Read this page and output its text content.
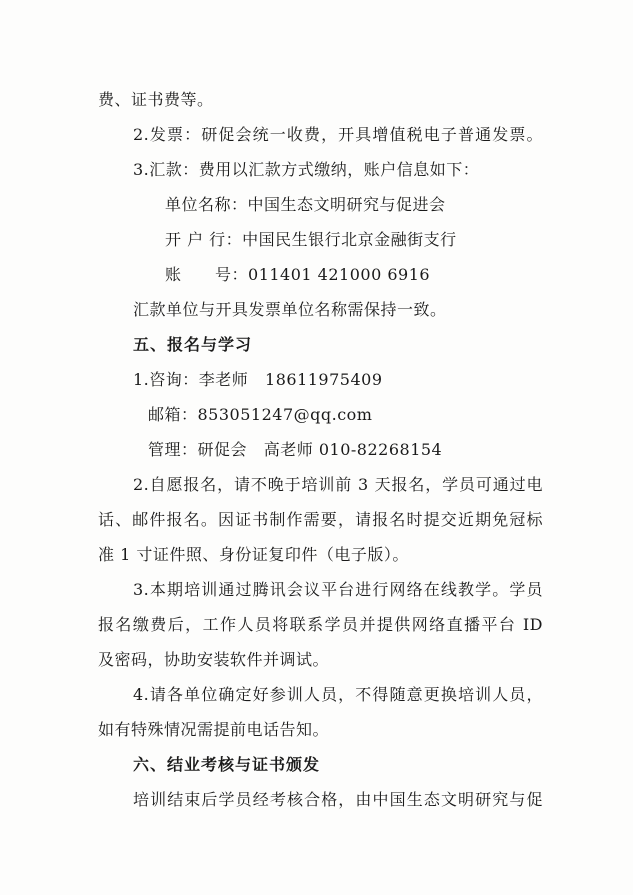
费、证书费等。
2.发票：研促会统一收费，开具增值税电子普通发票。
3.汇款：费用以汇款方式缴纳，账户信息如下：
单位名称：中国生态文明研究与促进会
开 户 行：中国民生银行北京金融街支行
账      号：011401 421000 6916
汇款单位与开具发票单位名称需保持一致。
五、报名与学习
1.咨询：李老师   18611975409
邮箱：853051247@qq.com
管理：研促会   高老师 010-82268154
2.自愿报名，请不晚于培训前 3 天报名，学员可通过电
话、邮件报名。因证书制作需要，请报名时提交近期免冠标
准 1 寸证件照、身份证复印件（电子版）。
3.本期培训通过腾讯会议平台进行网络在线教学。学员
报名缴费后，工作人员将联系学员并提供网络直播平台 ID
及密码，协助安装软件并调试。
4.请各单位确定好参训人员，不得随意更换培训人员，
如有特殊情况需提前电话告知。
六、结业考核与证书颁发
培训结束后学员经考核合格，由中国生态文明研究与促
